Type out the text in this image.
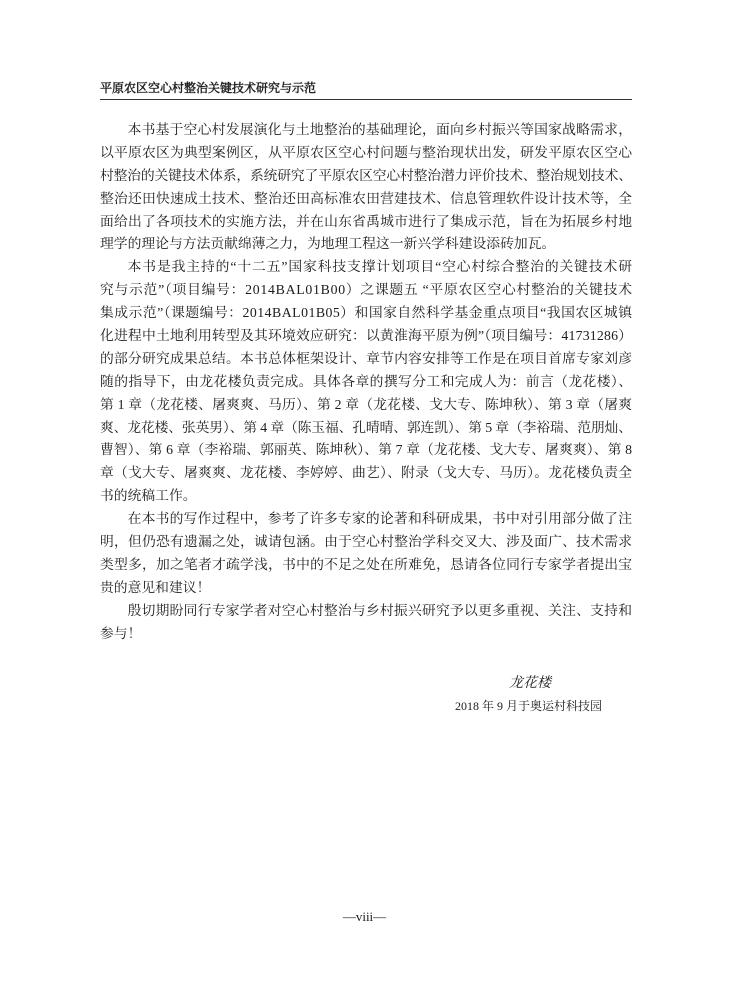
平原农区空心村整治关键技术研究与示范
本书基于空心村发展演化与土地整治的基础理论，面向乡村振兴等国家战略需求，
以平原农区为典型案例区，从平原农区空心村问题与整治现状出发，研发平原农区空心
村整治的关键技术体系，系统研究了平原农区空心村整治潜力评价技术、整治规划技术、
整治还田快速成土技术、整治还田高标准农田营建技术、信息管理软件设计技术等，全
面给出了各项技术的实施方法，并在山东省禹城市进行了集成示范，旨在为拓展乡村地
理学的理论与方法贡献绵薄之力，为地理工程这一新兴学科建设添砖加瓦。
本书是我主持的“十二五”国家科技支撑计划项目“空心村综合整治的关键技术研
究与示范”（项目编号：2014BAL01B00）之课题五 “平原农区空心村整治的关键技术
集成示范”（课题编号：2014BAL01B05）和国家自然科学基金重点项目“我国农区城镇
化进程中土地利用转型及其环境效应研究：以黄淮海平原为例”（项目编号：41731286）
的部分研究成果总结。本书总体框架设计、章节内容安排等工作是在项目首席专家刘彦
随的指导下，由龙花楼负责完成。具体各章的撰写分工和完成人为：前言（龙花楼）、
第 1 章（龙花楼、屠爽爽、马历）、第 2 章（龙花楼、戈大专、陈坤秋）、第 3 章（屠爽
爽、龙花楼、张英男）、第 4 章（陈玉福、孔晴晴、郭连凯）、第 5 章（李裕瑞、范朋灿、
曹智）、第 6 章（李裕瑞、郭丽英、陈坤秋）、第 7 章（龙花楼、戈大专、屠爽爽）、第 8
章（戈大专、屠爽爽、龙花楼、李婷婷、曲艺）、附录（戈大专、马历）。龙花楼负责全
书的统稿工作。
在本书的写作过程中，参考了许多专家的论著和科研成果，书中对引用部分做了注
明，但仍恐有遗漏之处，诚请包涵。由于空心村整治学科交叉大、涉及面广、技术需求
类型多，加之笔者才疏学浅，书中的不足之处在所难免，恳请各位同行专家学者提出宝
贵的意见和建议！
殷切期盼同行专家学者对空心村整治与乡村振兴研究予以更多重视、关注、支持和
参与！
龙花楼
2018 年 9 月于奥运村科技园
—viii—
